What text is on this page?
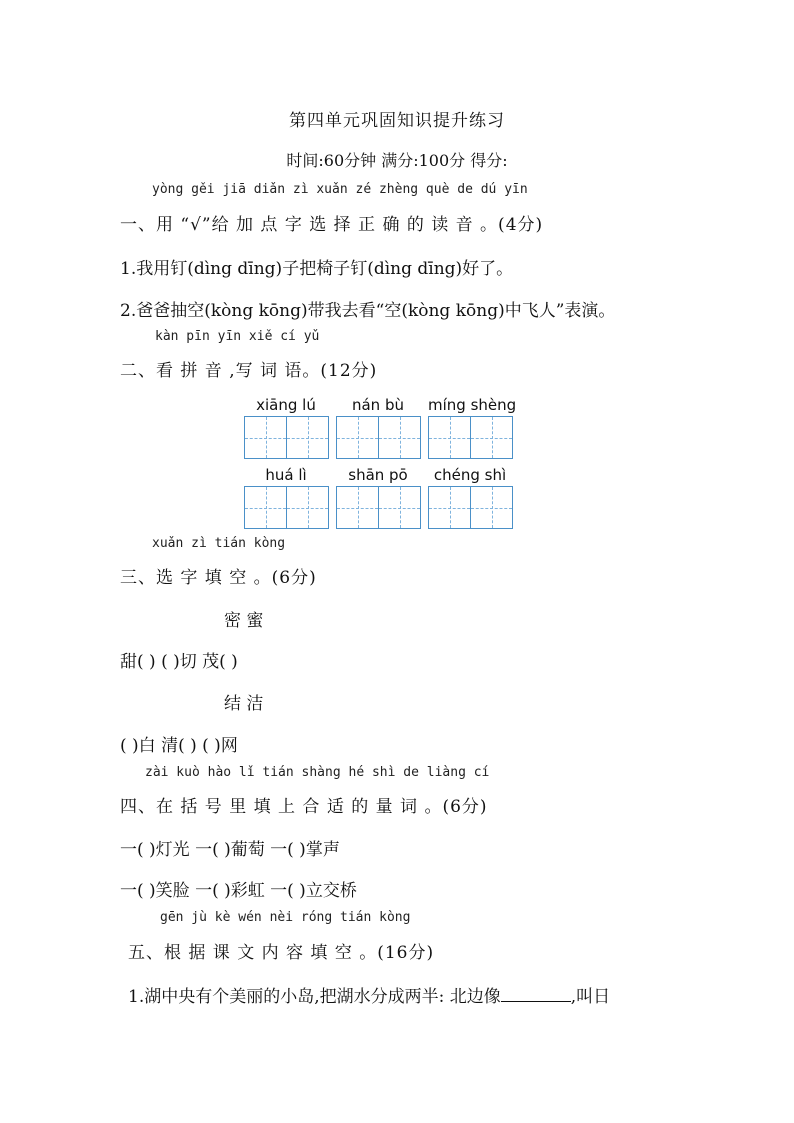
第四单元巩固知识提升练习
时间:60分钟 满分:100分 得分:
yòng gěi jiā diǎn zì xuǎn zé zhèng què de dú yīn
一、用 “√”给 加 点 字 选 择 正 确 的 读 音 。(4分)
1.我用钉(dìng dīng)子把椅子钉(dìng dīng)好了。
2.爸爸抽空(kòng kōng)带我去看“空(kòng kōng)中飞人”表演。
kàn pīn yīn xiě cí yǔ
二、看 拼 音 ,写 词 语。(12分)
xiāng lú	nán bù	míng shèng
huá lì	shān pō	chéng shì
xuǎn zì tián kòng
三、选 字 填 空 。(6分)
密 蜜
甜( ) ( )切 茂( )
结 洁
( )白 清( ) ( )网
zài kuò hào lǐ tián shàng hé shì de liàng cí
四、在 括 号 里 填 上 合 适 的 量 词 。(6分)
一( )灯光 一( )葡萄 一( )掌声
一( )笑脸 一( )彩虹 一( )立交桥
gēn jù kè wén nèi róng tián kòng
五、根 据 课 文 内 容 填 空 。(16分)
1.湖中央有个美丽的小岛,把湖水分成两半: 北边像	,叫日
